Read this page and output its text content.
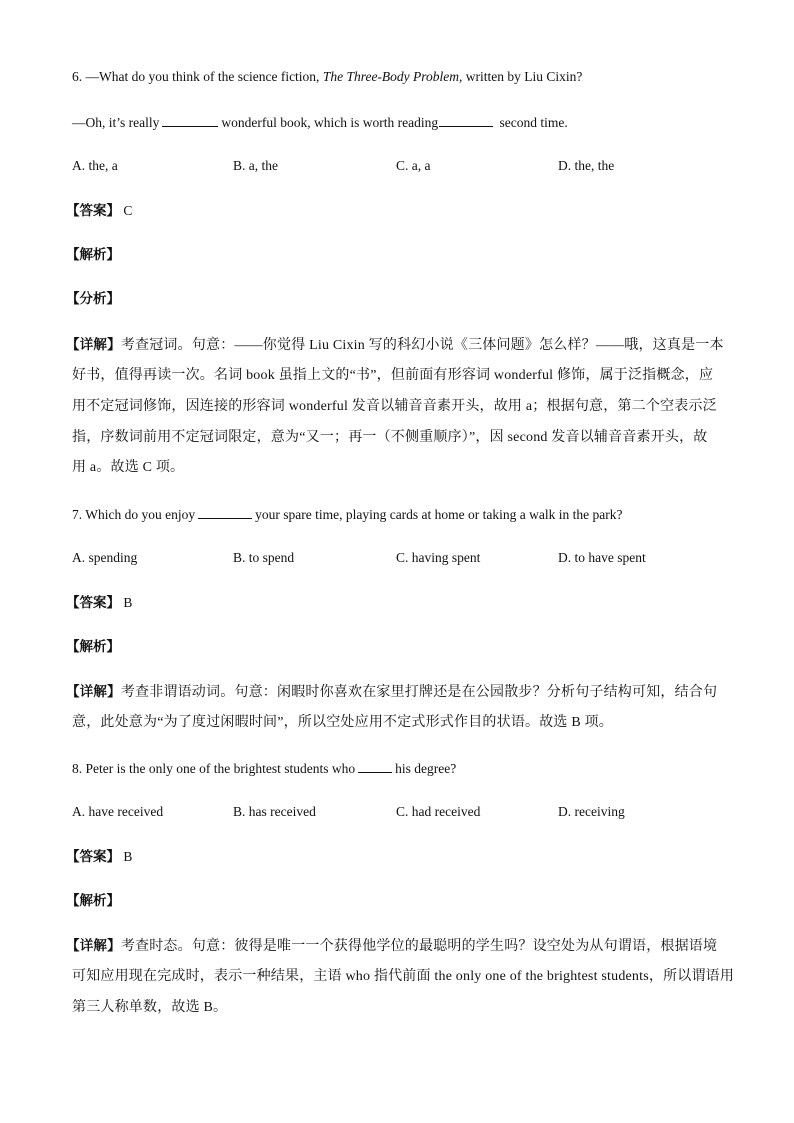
6. —What do you think of the science fiction, The Three-Body Problem, written by Liu Cixin?
—Oh, it’s really	wonderful book, which is worth reading	second time.
A. the, a	B. a, the	C. a, a	D. the, the
【答案】 C
【解析】
【分析】
【详解】考查冠词。句意：——你觉得 Liu Cixin 写的科幻小说《三体问题》怎么样？——哦，这真是一本
好书，值得再读一次。名词 book 虽指上文的“书”，但前面有形容词 wonderful 修饰，属于泛指概念，应
用不定冠词修饰，因连接的形容词 wonderful 发音以辅音音素开头，故用 a；根据句意，第二个空表示泛
指，序数词前用不定冠词限定，意为“又一；再一（不侧重顺序）”，因 second 发音以辅音音素开头，故
用 a。故选 C 项。
7. Which do you enjoy	your spare time, playing cards at home or taking a walk in the park?
A. spending	B. to spend	C. having spent	D. to have spent
【答案】 B
【解析】
【详解】考查非谓语动词。句意：闲暇时你喜欢在家里打牌还是在公园散步？分析句子结构可知，结合句
意，此处意为“为了度过闲暇时间”，所以空处应用不定式形式作目的状语。故选 B 项。
8. Peter is the only one of the brightest students who	his degree?
A. have received	B. has received	C. had received	D. receiving
【答案】 B
【解析】
【详解】考查时态。句意：彼得是唯一一个获得他学位的最聪明的学生吗？设空处为从句谓语，根据语境
可知应用现在完成时，表示一种结果，主语 who 指代前面 the only one of the brightest students，所以谓语用
第三人称单数，故选 B。
